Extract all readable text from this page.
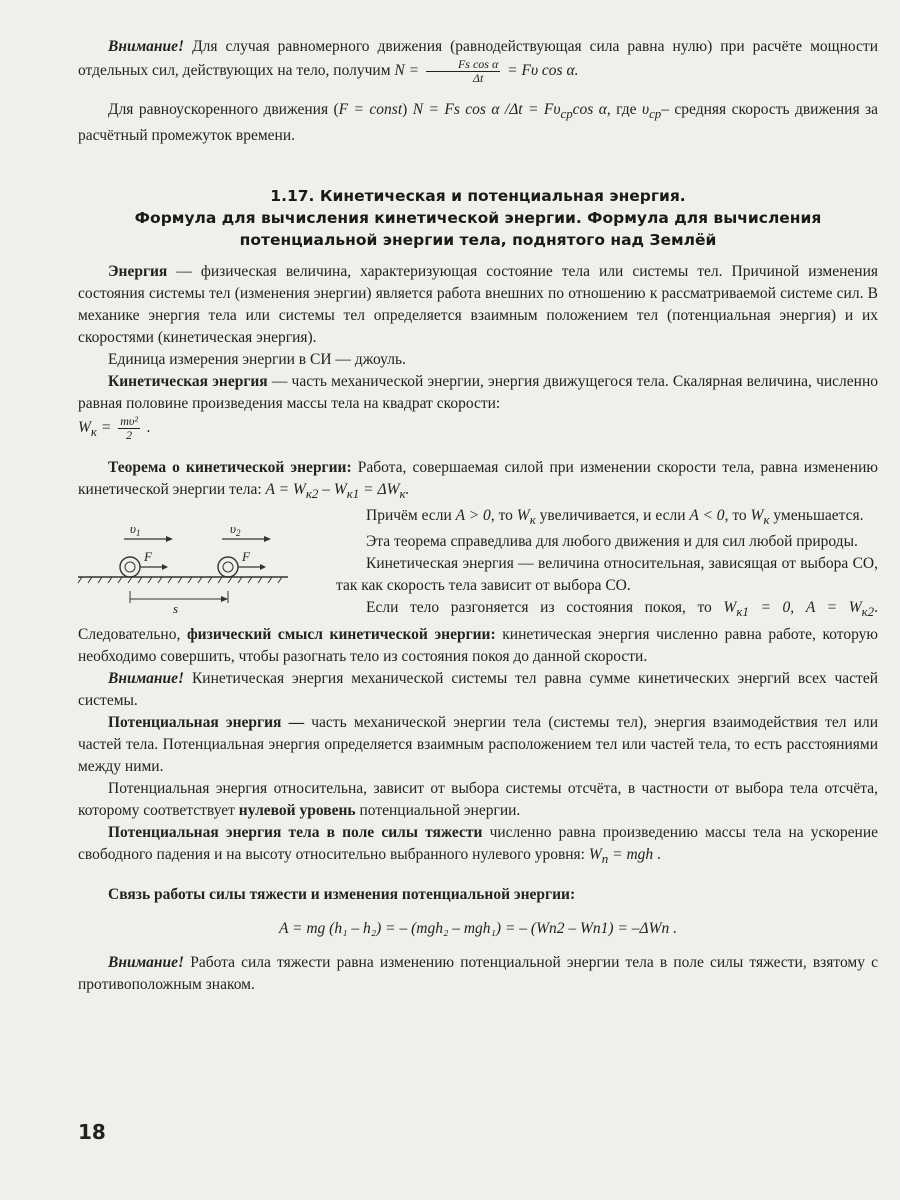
Внимание! Для случая равномерного движения (равнодействующая сила равна нулю) при расчёте мощности отдельных сил, действующих на тело, получим $N = \frac{\text{Fs cos α}}{\Delta t} = F\upsilon$ cos α.

Для равноускоренного движения (F = const) N = Fs cos α $/\Delta t = F\upsilon_{ср}\cos$ α, где $\upsilon_{ср}-$ средняя скорость движения за расчётный промежуток времени.

1.17. Кинетическая и потенциальная энергия.
Формула для вычисления кинетической энергии. Формула для вычисления
потенциальной энергии тела, поднятого над Землёй

Энергия — физическая величина, характеризующая состояние тела или системы тел. Причиной изменения состояния системы тел (изменения энергии) является работа внешних по отношению к рассматриваемой системе сил. В механике энергия тела или системы тел определяется взаимным положением тел (потенциальная энергия) и их скоростями (кинетическая энергия).

Единица измерения энергии в СИ — джоуль.

Кинетическая энергия — часть механической энергии, энергия движущегося тела. Скалярная величина, численно равная половине произведения массы тела на квадрат скорости:

$W_к = \frac{\text{mυ²}}{2}$ .

Теорема о кинетической энергии: Работа, совершаемая силой при изменении скорости тела, равна изменению кинетической энергии тела: $A = W_{к2} - W_{к1} = \Delta W_к$.

$\upsilon_1$	$\upsilon_2$
F	F
s

Причём если A > 0, то $W_к$ увеличивается, и если A < 0, то $W_к$ уменьшается.

Эта теорема справедлива для любого движения и для сил любой природы.

Кинетическая энергия — величина относительная, зависящая от выбора СО, так как скорость тела зависит от выбора СО.

Если тело разгоняется из состояния покоя, то $W_{к1} = 0$, $A = W_{к2}$. Следовательно, физический смысл кинетической энергии: кинетическая энергия численно равна работе, которую необходимо совершить, чтобы разогнать тело из состояния покоя до данной скорости.

Внимание! Кинетическая энергия механической системы тел равна сумме кинетических энергий всех частей системы.

Потенциальная энергия — часть механической энергии тела (системы тел), энергия взаимодействия тел или частей тела. Потенциальная энергия определяется взаимным расположением тел или частей тела, то есть расстояниями между ними.

Потенциальная энергия относительна, зависит от выбора системы отсчёта, в частности от выбора тела отсчёта, которому соответствует нулевой уровень потенциальной энергии.

Потенциальная энергия тела в поле силы тяжести численно равна произведению массы тела на ускорение свободного падения и на высоту относительно выбранного нулевого уровня: $W_п$ = mgh .

Связь работы силы тяжести и изменения потенциальной энергии:

A = mg (h₁ – h₂) = – (mgh₂ – mgh₁) = – (Wп2 – Wп1) = –ΔWп .

Внимание! Работа сила тяжести равна изменению потенциальной энергии тела в поле силы тяжести, взятому с противоположным знаком.

18
